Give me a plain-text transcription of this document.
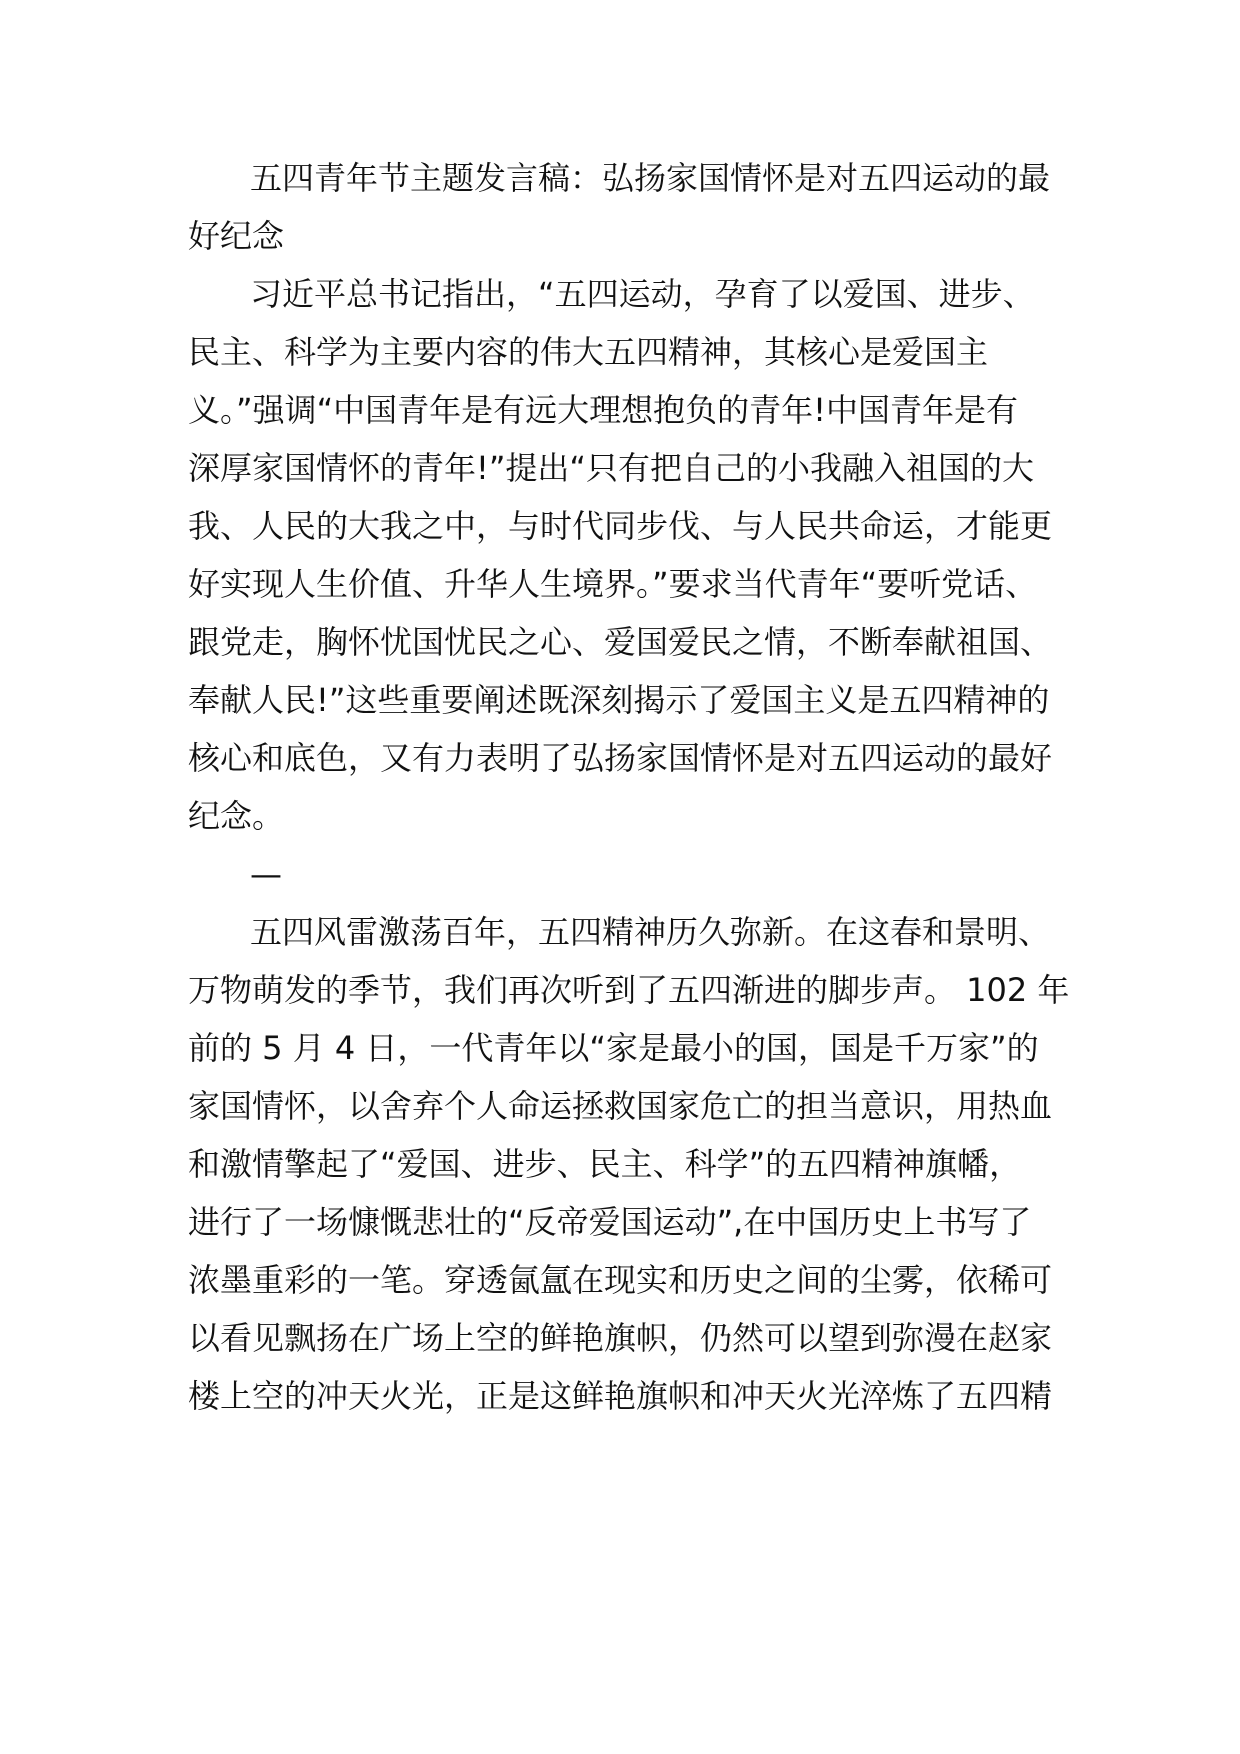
五四青年节主题发言稿：弘扬家国情怀是对五四运动的最

好纪念

习近平总书记指出，“五四运动，孕育了以爱国、进步、

民主、科学为主要内容的伟大五四精神，其核心是爱国主

义。”强调“中国青年是有远大理想抱负的青年!中国青年是有

深厚家国情怀的青年!”提出“只有把自己的小我融入祖国的大

我、人民的大我之中，与时代同步伐、与人民共命运，才能更

好实现人生价值、升华人生境界。”要求当代青年“要听党话、

跟党走，胸怀忧国忧民之心、爱国爱民之情，不断奉献祖国、

奉献人民!”这些重要阐述既深刻揭示了爱国主义是五四精神的

核心和底色，又有力表明了弘扬家国情怀是对五四运动的最好

纪念。

—

五四风雷激荡百年，五四精神历久弥新。在这春和景明、

万物萌发的季节，我们再次听到了五四渐进的脚步声。 102 年

前的 5 月 4 日，一代青年以“家是最小的国，国是千万家”的

家国情怀，以舍弃个人命运拯救国家危亡的担当意识，用热血

和激情擎起了“爱国、进步、民主、科学”的五四精神旗幡，

进行了一场慷慨悲壮的“反帝爱国运动”,在中国历史上书写了

浓墨重彩的一笔。穿透氤氲在现实和历史之间的尘雾，依稀可

以看见飘扬在广场上空的鲜艳旗帜，仍然可以望到弥漫在赵家

楼上空的冲天火光，正是这鲜艳旗帜和冲天火光淬炼了五四精
